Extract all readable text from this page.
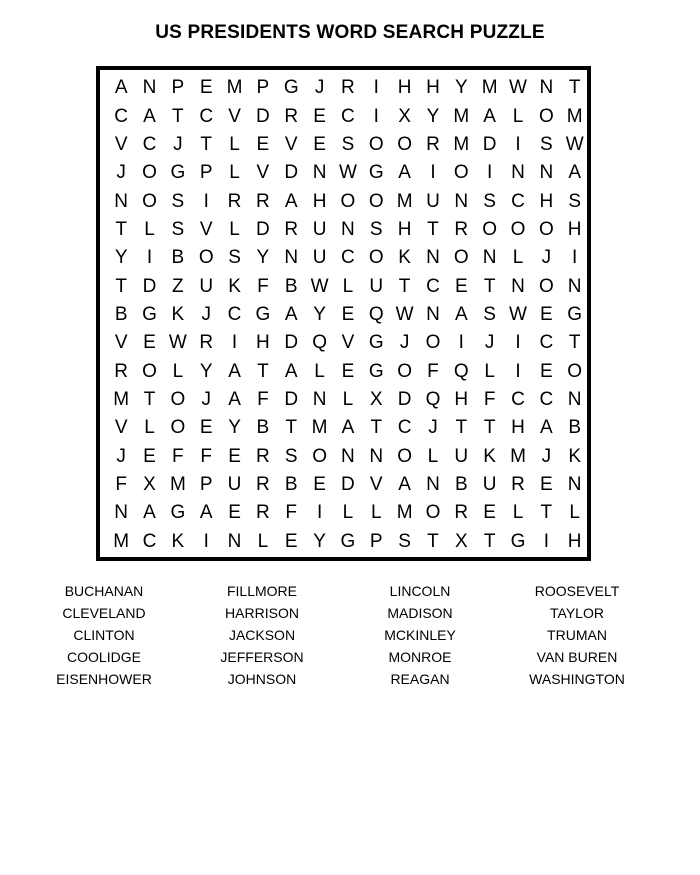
US PRESIDENTS WORD SEARCH PUZZLE
A N P E M P G J R I H H Y M W N T
C A T C V D R E C I	X Y M A L O M
V C J T L E V E S O O R M D I	S W
J O G P L V D N W G A	I O I N N A
N O S	I R R A H O O M U N S C H S
T L S V L D R U N S H T R O O O H
Y	I	B O S Y N U C O K N O N L J	I
T D Z U K F B W L U T C E T N O N
B G K J C G A Y E Q W N A S W E G
V E W R I H D Q V G J O I	J	I C T
R O L Y A T A L E G O F Q L	I	E O
M T O J A F D N L X D Q H F C C N
V L O E Y B T M A T C J T T H A B
J E F F E R S O N N O L U K M J K
F X M P U R B E D V A N B U R E N
N A G A E R F	I	L L M O R E L T L
M C K	I N L E Y G P S T X T G I H
BUCHANAN
CLEVELAND
CLINTON
COOLIDGE
EISENHOWER
FILLMORE
HARRISON
JACKSON
JEFFERSON
JOHNSON
LINCOLN
MADISON
MCKINLEY
MONROE
REAGAN
ROOSEVELT
TAYLOR
TRUMAN
VAN BUREN
WASHINGTON
